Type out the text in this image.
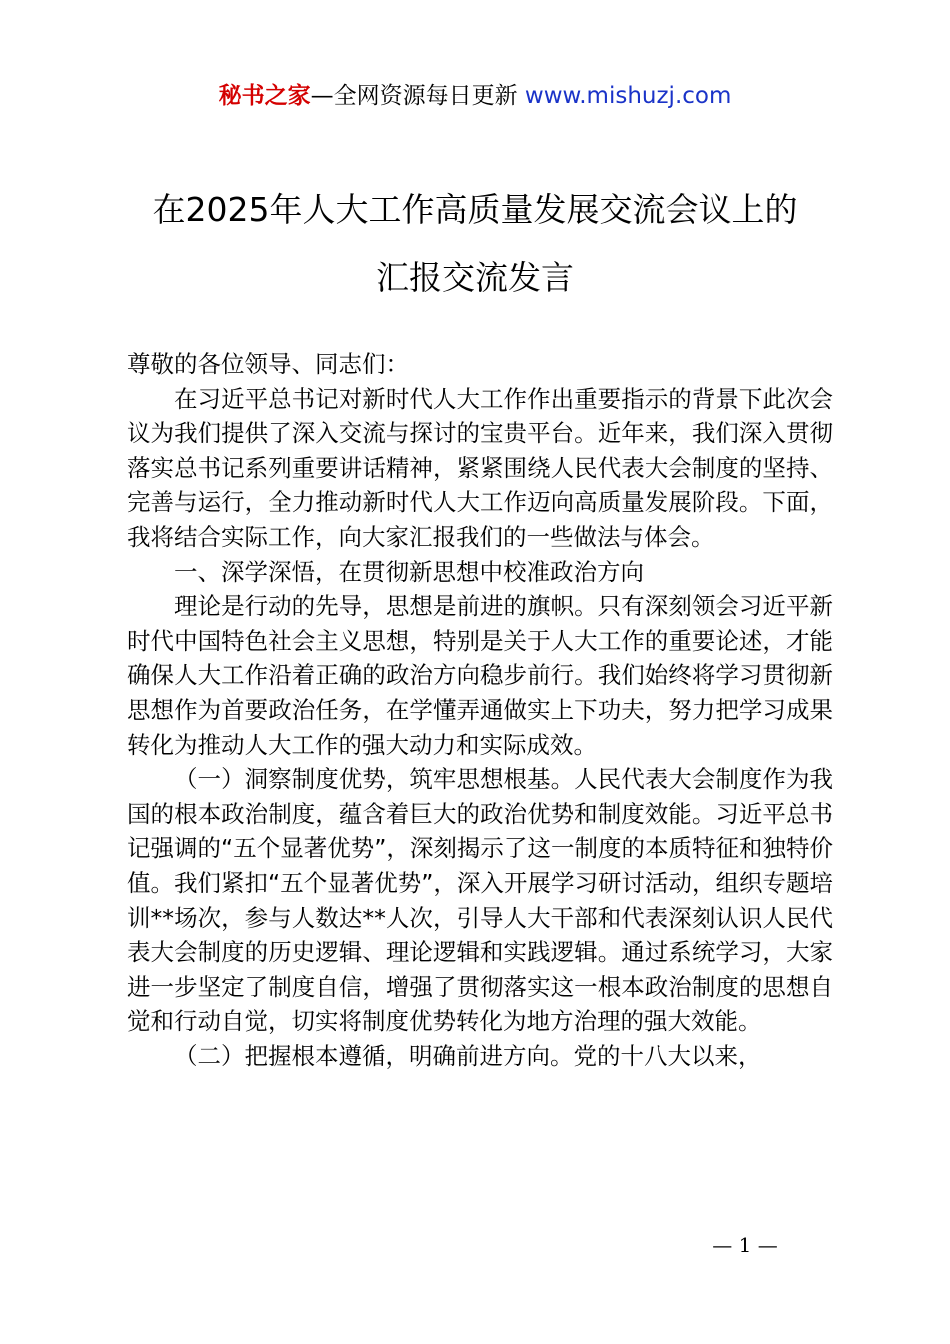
秘书之家—全网资源每日更新 www.mishuzj.com
在2025年人大工作高质量发展交流会议上的
汇报交流发言

尊敬的各位领导、同志们：

在习近平总书记对新时代人大工作作出重要指示的背景下此次会议为我们提供了深入交流与探讨的宝贵平台。近年来，我们深入贯彻落实总书记系列重要讲话精神，紧紧围绕人民代表大会制度的坚持、完善与运行，全力推动新时代人大工作迈向高质量发展阶段。下面，我将结合实际工作，向大家汇报我们的一些做法与体会。

一、深学深悟，在贯彻新思想中校准政治方向

理论是行动的先导，思想是前进的旗帜。只有深刻领会习近平新时代中国特色社会主义思想，特别是关于人大工作的重要论述，才能确保人大工作沿着正确的政治方向稳步前行。我们始终将学习贯彻新思想作为首要政治任务，在学懂弄通做实上下功夫，努力把学习成果转化为推动人大工作的强大动力和实际成效。

（一）洞察制度优势，筑牢思想根基。人民代表大会制度作为我国的根本政治制度，蕴含着巨大的政治优势和制度效能。习近平总书记强调的“五个显著优势”，深刻揭示了这一制度的本质特征和独特价值。我们紧扣“五个显著优势”，深入开展学习研讨活动，组织专题培训**场次，参与人数达**人次，引导人大干部和代表深刻认识人民代表大会制度的历史逻辑、理论逻辑和实践逻辑。通过系统学习，大家进一步坚定了制度自信，增强了贯彻落实这一根本政治制度的思想自觉和行动自觉，切实将制度优势转化为地方治理的强大效能。

（二）把握根本遵循，明确前进方向。党的十八大以来，

— 1 —
